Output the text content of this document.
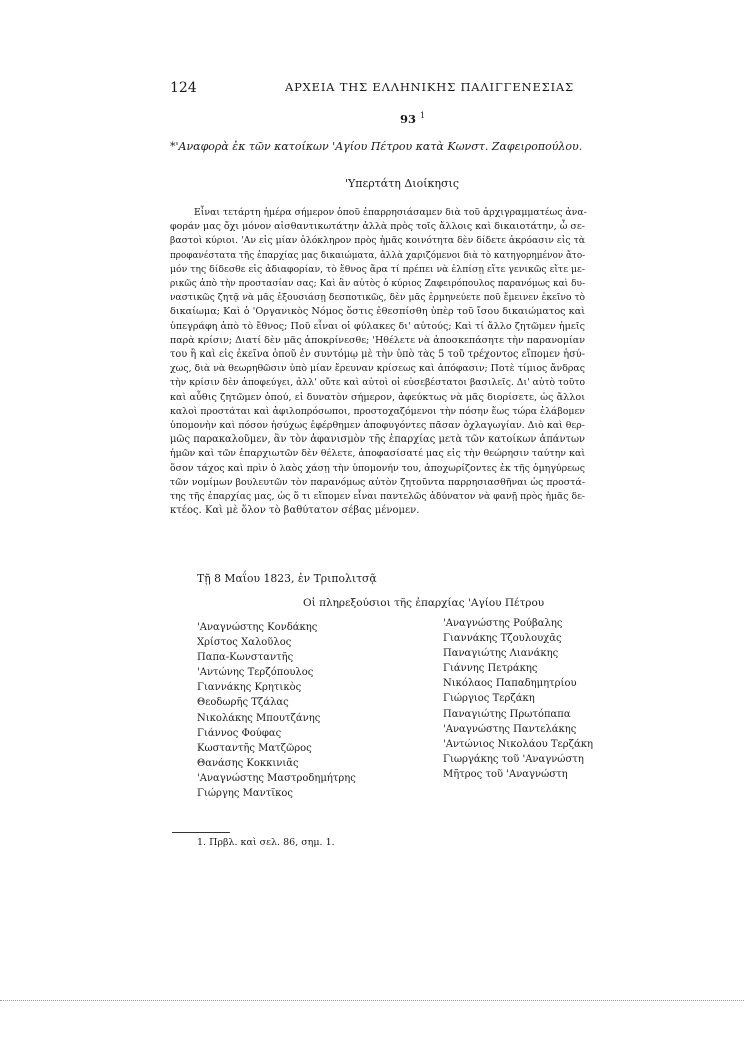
124	ΑΡΧΕΙΑ ΤΗΣ ΕΛΛΗΝΙΚΗΣ ΠΑΛΙΓΓΕΝΕΣΙΑΣ
93 $^1$
*'Αναφορὰ ἐκ τῶν κατοίκων 'Αγίου Πέτρου κατὰ Κωνστ. Ζαφειροπούλου.
'Υπερτάτη Διοίκησις
Εἶναι τετάρτη ἡμέρα σήμερον ὁποῦ ἐπαρρησιάσαμεν διὰ τοῦ ἀρχιγραμματέως ἀνα-
φοράν μας ὄχι μόνον αἰσθαντικωτάτην ἀλλὰ πρὸς τοῖς ἄλλοις καὶ δικαιοτάτην, ὦ σε-
βαστοὶ κύριοι. 'Αν εἰς μίαν ὁλόκληρον πρὸς ἡμᾶς κοινότητα δὲν δίδετε ἀκρόασιν εἰς τὰ
προφανέστατα τῆς ἐπαρχίας μας δικαιώματα, ἀλλὰ χαριζόμενοι διὰ τὸ κατηγορημένον ἄτο-
μόν της δίδεσθε εἰς ἀδιαφορίαν, τὸ ἔθνος ἄρα τί πρέπει νὰ ἐλπίσῃ εἴτε γενικῶς εἴτε με-
ρικῶς ἀπὸ τὴν προστασίαν σας; Καὶ ἂν αὐτὸς ὁ κύριος Ζαφειρόπουλος παρανόμως καὶ δυ-
ναστικῶς ζητᾷ νὰ μᾶς ἐξουσιάσῃ δεσποτικῶς, δὲν μᾶς ἑρμηνεύετε ποῦ ἔμεινεν ἐκεῖνο τὸ
δικαίωμα; Καὶ ὁ 'Οργανικὸς Νόμος ὅστις ἐθεσπίσθη ὑπὲρ τοῦ ἴσου δικαιώματος καὶ
ὑπεγράφη ἀπὸ τὸ ἔθνος; Ποῦ εἶναι οἱ φύλακες δι' αὐτούς; Καὶ τί ἄλλο ζητῶμεν ἡμεῖς
παρὰ κρίσιν; Διατί δὲν μᾶς ἀποκρίνεσθε; 'Ηθέλετε νὰ ἀποσκεπάσητε τὴν παρανομίαν
του ἢ καὶ εἰς ἐκεῖνα ὁποῦ ἐν συντόμῳ μὲ τὴν ὑπὸ τὰς 5 τοῦ τρέχοντος εἴπομεν ἡσύ-
χως, διὰ νὰ θεωρηθῶσιν ὑπὸ μίαν ἔρευναν κρίσεως καὶ ἀπόφασιν; Ποτὲ τίμιος ἄνδρας
τὴν κρίσιν δὲν ἀποφεύγει, ἀλλ' οὔτε καὶ αὐτοὶ οἱ εὐσεβέστατοι βασιλεῖς. Δι' αὐτὸ τοῦτο
καὶ αὖθις ζητῶμεν ὁπού, εἰ δυνατὸν σήμερον, ἀφεύκτως νὰ μᾶς διορίσετε, ὡς ἄλλοι
καλοὶ προστάται καὶ ἀφιλοπρόσωποι, προστοχαζόμενοι τὴν πόσην ἕως τώρα ἐλάβομεν
ὑπομονὴν καὶ πόσον ἡσύχως ἐφέρθημεν ἀποφυγόντες πᾶσαν ὀχλαγωγίαν. Διὸ καὶ θερ-
μῶς παρακαλοῦμεν, ἂν τὸν ἀφανισμὸν τῆς ἐπαρχίας μετὰ τῶν κατοίκων ἁπάντων
ἡμῶν καὶ τῶν ἐπαρχιωτῶν δὲν θέλετε, ἀποφασίσατέ μας εἰς τὴν θεώρησιν ταύτην καὶ
ὅσον τάχος καὶ πρὶν ὁ λαὸς χάσῃ τὴν ὑπομονήν του, ἀποχωρίζοντες ἐκ τῆς ὁμηγύρεως
τῶν νομίμων βουλευτῶν τὸν παρανόμως αὐτὸν ζητοῦντα παρρησιασθῆναι ὡς προστά-
της τῆς ἐπαρχίας μας, ὡς ὅ τι εἴπομεν εἶναι παντελῶς ἀδύνατον νὰ φανῇ πρὸς ἡμᾶς δε-
κτέος. Καὶ μὲ ὅλον τὸ βαθύτατον σέβας μένομεν.
Τῇ 8 Μαΐου 1823, ἐν Τριπολιτσᾷ
Οἱ πληρεξούσιοι τῆς ἐπαρχίας 'Αγίου Πέτρου
'Αναγνώστης Κονδάκης
Χρίστος Χαλοῦλος
Παπα-Κωνσταντῆς
'Αντώνης Τερζόπουλος
Γιαννάκης Κρητικὸς
Θεοδωρῆς Τζάλας
Νικολάκης Μπουτζάνης
Γιάννος Φούφας
Κωσταντῆς Ματζῶρος
Θανάσης Κοκκινιᾶς
'Αναγνώστης Μαστροδημήτρης
Γιώργης Μαντῖκος
'Αναγνώστης Ρούβαλης
Γιαννάκης Τζουλουχᾶς
Παναγιώτης Λιανάκης
Γιάννης Πετράκης
Νικόλαος Παπαδημητρίου
Γιώργιος Τερζάκη
Παναγιώτης Πρωτόπαπα
'Αναγνώστης Παντελάκης
'Αντώνιος Νικολάου Τερζάκη
Γιωργάκης τοῦ 'Αναγνώστη
Μῆτρος τοῦ 'Αναγνώστη
1. Πρβλ. καὶ σελ. 86, σημ. 1.
